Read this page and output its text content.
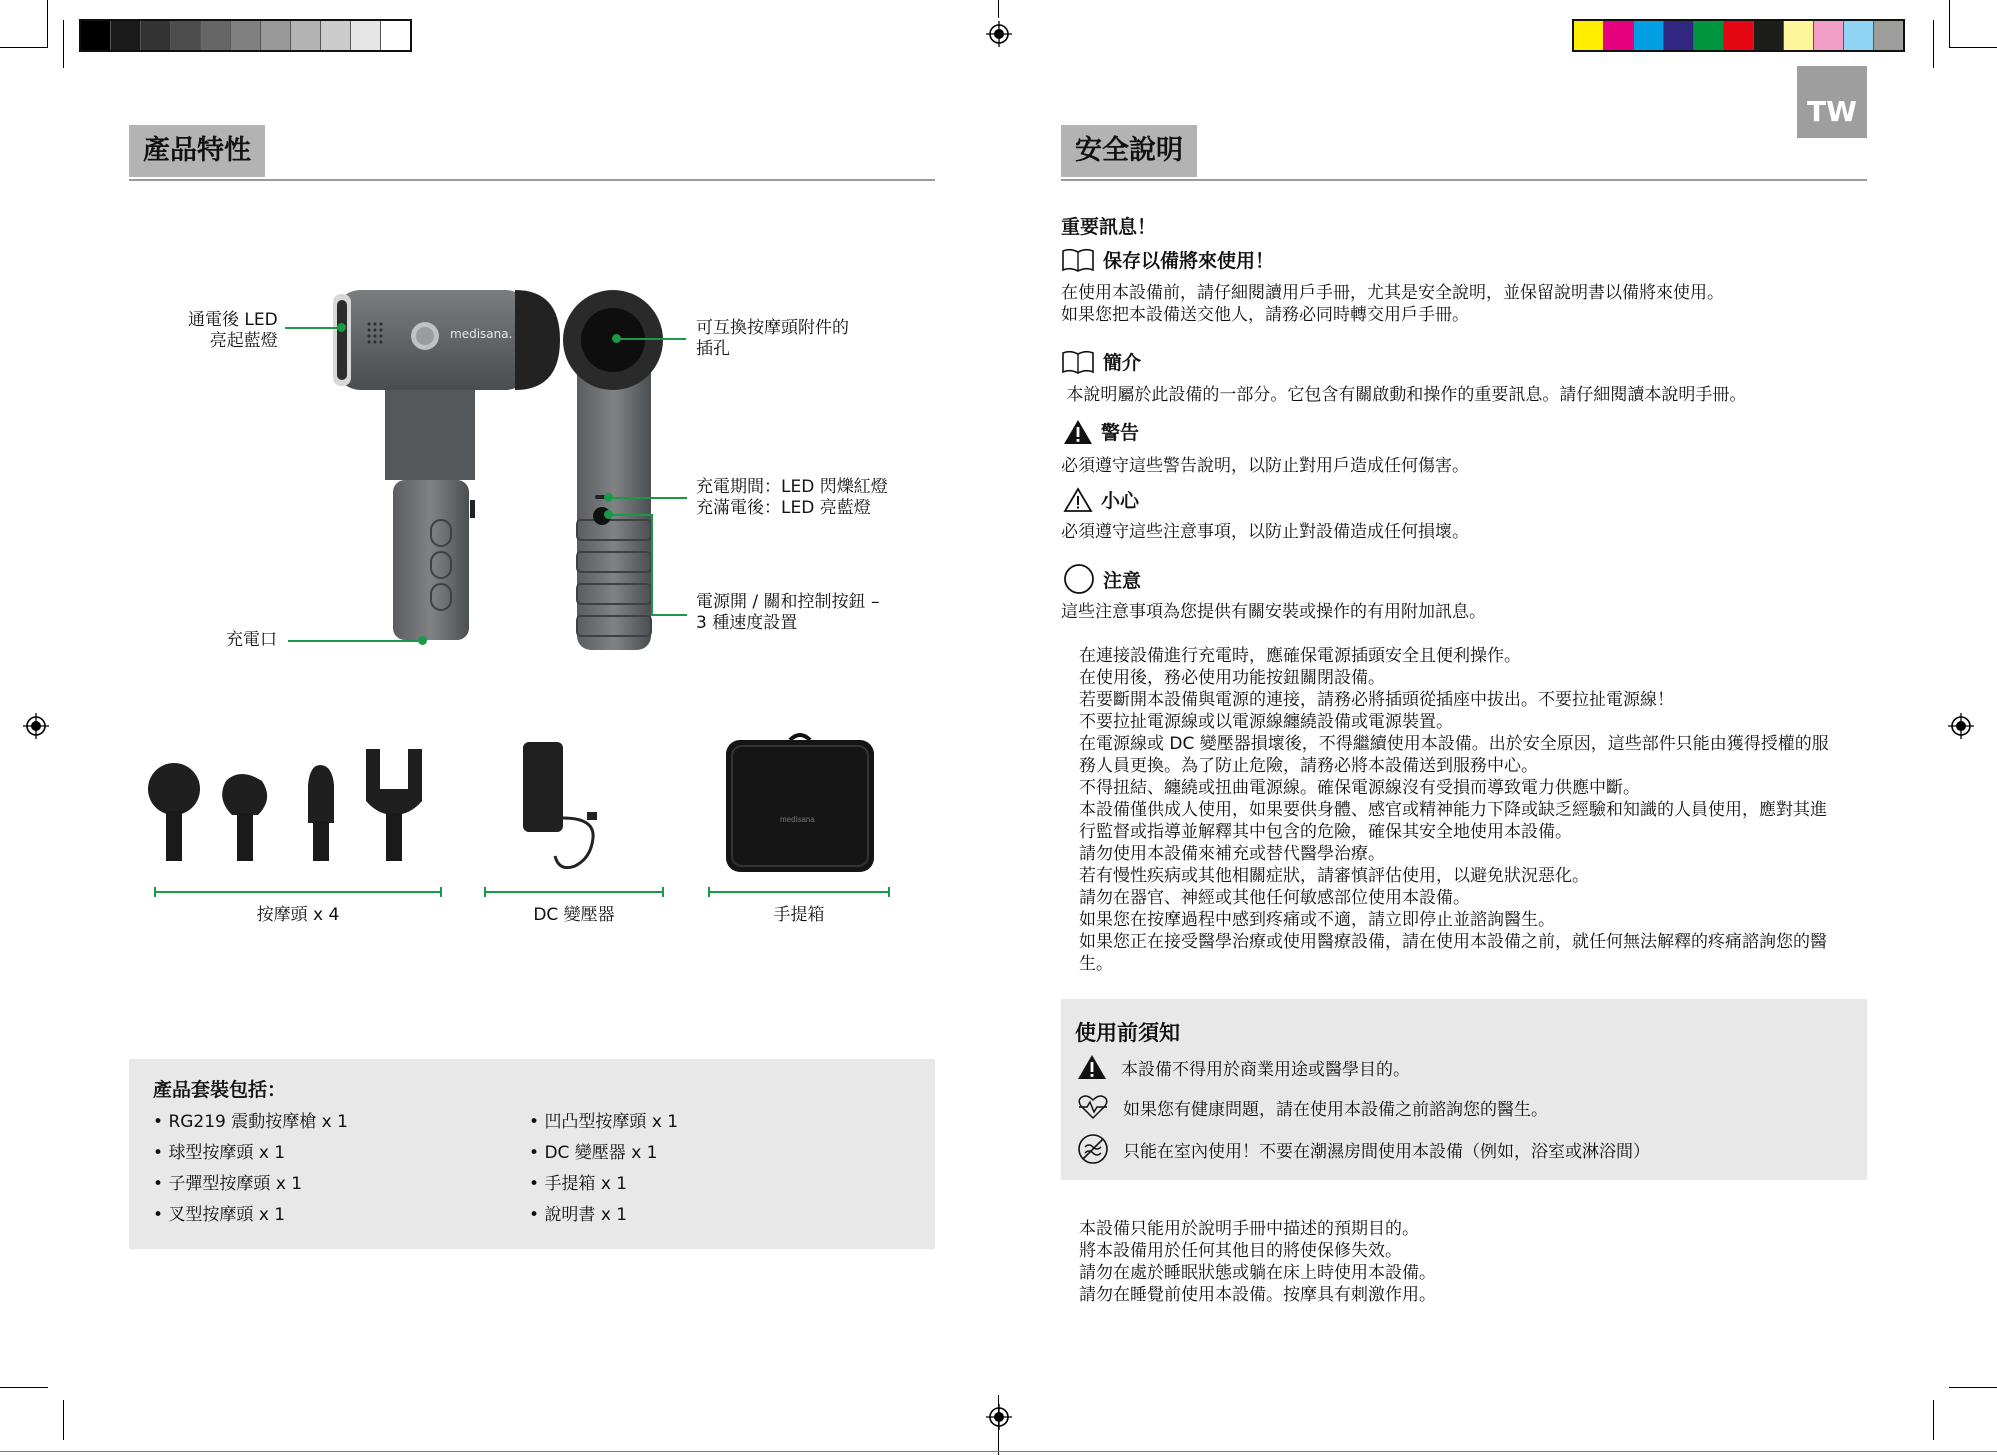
TW
產品特性
medisana.
通電後 LED
亮起藍燈
可互換按摩頭附件的
插孔
充電期間：LED 閃爍紅燈
充滿電後：LED 亮藍燈
電源開 / 關和控制按鈕 –
3 種速度設置
充電口
medisana
按摩頭 x 4	DC 變壓器	手提箱
產品套裝包括：
• RG219 震動按摩槍 x 1
• 球型按摩頭 x 1
• 子彈型按摩頭 x 1
• 叉型按摩頭 x 1
• 凹凸型按摩頭 x 1
• DC 變壓器 x 1
• 手提箱 x 1
• 說明書 x 1
安全說明
重要訊息！
保存以備將來使用！

在使用本設備前，請仔細閱讀用戶手冊，尤其是安全說明，並保留說明書以備將來使用。
如果您把本設備送交他人，請務必同時轉交用戶手冊。

簡介

本說明屬於此設備的一部分。它包含有關啟動和操作的重要訊息。請仔細閱讀本說明手冊。

警告

必須遵守這些警告說明，以防止對用戶造成任何傷害。

小心

必須遵守這些注意事項，以防止對設備造成任何損壞。

注意

這些注意事項為您提供有關安裝或操作的有用附加訊息。

在連接設備進行充電時，應確保電源插頭安全且便利操作。
在使用後，務必使用功能按鈕關閉設備。
若要斷開本設備與電源的連接，請務必將插頭從插座中拔出。不要拉扯電源線！
不要拉扯電源線或以電源線纏繞設備或電源裝置。
在電源線或 DC 變壓器損壞後，不得繼續使用本設備。出於安全原因，這些部件只能由獲得授權的服
務人員更換。為了防止危險，請務必將本設備送到服務中心。
不得扭結、纏繞或扭曲電源線。確保電源線沒有受損而導致電力供應中斷。
本設備僅供成人使用，如果要供身體、感官或精神能力下降或缺乏經驗和知識的人員使用，應對其進
行監督或指導並解釋其中包含的危險，確保其安全地使用本設備。
請勿使用本設備來補充或替代醫學治療。
若有慢性疾病或其他相關症狀，請審慎評估使用，以避免狀況惡化。
請勿在器官、神經或其他任何敏感部位使用本設備。
如果您在按摩過程中感到疼痛或不適，請立即停止並諮詢醫生。
如果您正在接受醫學治療或使用醫療設備，請在使用本設備之前，就任何無法解釋的疼痛諮詢您的醫
生。

使用前須知
本設備不得用於商業用途或醫學目的。
如果您有健康問題，請在使用本設備之前諮詢您的醫生。
只能在室內使用！不要在潮濕房間使用本設備（例如，浴室或淋浴間）

本設備只能用於說明手冊中描述的預期目的。
將本設備用於任何其他目的將使保修失效。
請勿在處於睡眠狀態或躺在床上時使用本設備。
請勿在睡覺前使用本設備。按摩具有刺激作用。
